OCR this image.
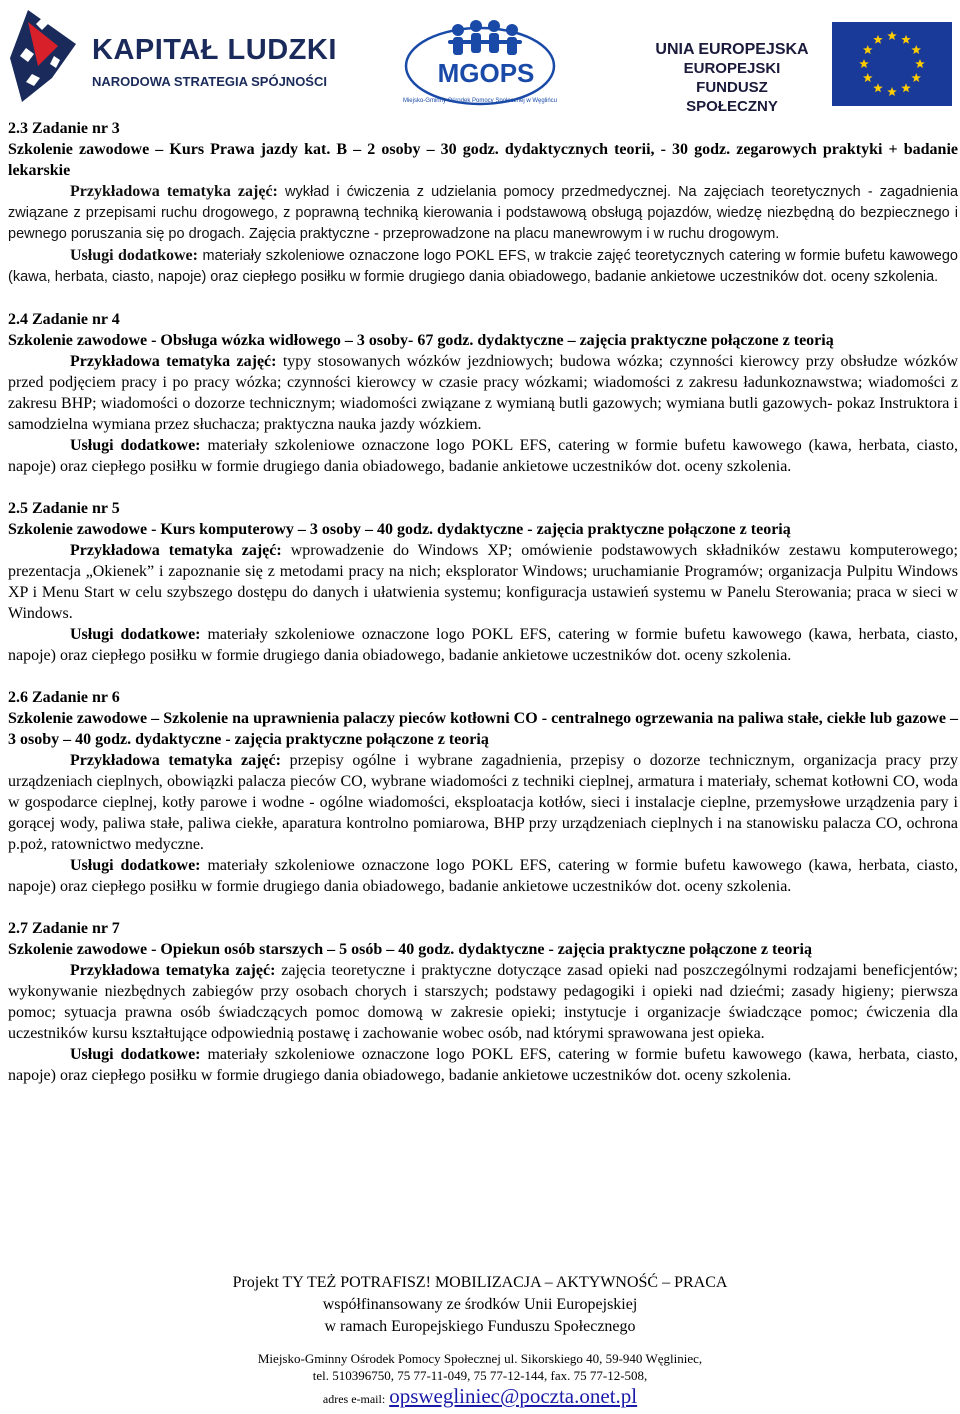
KAPITAŁ LUDZKI
NARODOWA STRATEGIA SPÓJNOŚCI	MGOPS
Miejsko-Gminny Ośrodek Pomocy Społecznej w Węglińcu
UNIA EUROPEJSKA
EUROPEJSKI
FUNDUSZ SPOŁECZNY

2.3 Zadanie nr 3

Szkolenie zawodowe – Kurs Prawa jazdy kat. B – 2 osoby – 30 godz. dydaktycznych teorii, - 30 godz. zegarowych praktyki + badanie lekarskie

Przykładowa tematyka zajęć: wykład i ćwiczenia z udzielania pomocy przedmedycznej. Na zajęciach teoretycznych - zagadnienia związane z przepisami ruchu drogowego, z poprawną techniką kierowania i podstawową obsługą pojazdów, wiedzę niezbędną do bezpiecznego i pewnego poruszania się po drogach. Zajęcia praktyczne - przeprowadzone na placu manewrowym i w ruchu drogowym.

Usługi dodatkowe: materiały szkoleniowe oznaczone logo POKL EFS, w trakcie zajęć teoretycznych catering w formie bufetu kawowego (kawa, herbata, ciasto, napoje) oraz ciepłego posiłku w formie drugiego dania obiadowego, badanie ankietowe uczestników dot. oceny szkolenia.

2.4 Zadanie nr 4

Szkolenie zawodowe - Obsługa wózka widłowego – 3 osoby- 67 godz. dydaktyczne – zajęcia praktyczne połączone z teorią

Przykładowa tematyka zajęć: typy stosowanych wózków jezdniowych; budowa wózka; czynności kierowcy przy obsłudze wózków przed podjęciem pracy i po pracy wózka; czynności kierowcy w czasie pracy wózkami; wiadomości z zakresu ładunkoznawstwa; wiadomości z zakresu BHP; wiadomości o dozorze technicznym; wiadomości związane z wymianą butli gazowych; wymiana butli gazowych- pokaz Instruktora i samodzielna wymiana przez słuchacza; praktyczna nauka jazdy wózkiem.

Usługi dodatkowe: materiały szkoleniowe oznaczone logo POKL EFS, catering w formie bufetu kawowego (kawa, herbata, ciasto, napoje) oraz ciepłego posiłku w formie drugiego dania obiadowego, badanie ankietowe uczestników dot. oceny szkolenia.

2.5 Zadanie nr 5

Szkolenie zawodowe - Kurs komputerowy – 3 osoby – 40 godz. dydaktyczne - zajęcia praktyczne połączone z teorią

Przykładowa tematyka zajęć: wprowadzenie do Windows XP; omówienie podstawowych składników zestawu komputerowego; prezentacja „Okienek” i zapoznanie się z metodami pracy na nich; eksplorator Windows; uruchamianie Programów; organizacja Pulpitu Windows XP i Menu Start w celu szybszego dostępu do danych i ułatwienia systemu; konfiguracja ustawień systemu w Panelu Sterowania; praca w sieci w Windows.

Usługi dodatkowe: materiały szkoleniowe oznaczone logo POKL EFS, catering w formie bufetu kawowego (kawa, herbata, ciasto, napoje) oraz ciepłego posiłku w formie drugiego dania obiadowego, badanie ankietowe uczestników dot. oceny szkolenia.

2.6 Zadanie nr 6

Szkolenie zawodowe – Szkolenie na uprawnienia palaczy pieców kotłowni CO - centralnego ogrzewania na paliwa stałe, ciekłe lub gazowe – 3 osoby – 40 godz. dydaktyczne - zajęcia praktyczne połączone z teorią

Przykładowa tematyka zajęć: przepisy ogólne i wybrane zagadnienia, przepisy o dozorze technicznym, organizacja pracy przy urządzeniach cieplnych, obowiązki palacza pieców CO, wybrane wiadomości z techniki cieplnej, armatura i materiały, schemat kotłowni CO, woda w gospodarce cieplnej, kotły parowe i wodne - ogólne wiadomości, eksploatacja kotłów, sieci i instalacje cieplne, przemysłowe urządzenia pary i gorącej wody, paliwa stałe, paliwa ciekłe, aparatura kontrolno pomiarowa, BHP przy urządzeniach cieplnych i na stanowisku palacza CO, ochrona p.poż, ratownictwo medyczne.

Usługi dodatkowe: materiały szkoleniowe oznaczone logo POKL EFS, catering w formie bufetu kawowego (kawa, herbata, ciasto, napoje) oraz ciepłego posiłku w formie drugiego dania obiadowego, badanie ankietowe uczestników dot. oceny szkolenia.

2.7 Zadanie nr 7

Szkolenie zawodowe - Opiekun osób starszych – 5 osób – 40 godz. dydaktyczne - zajęcia praktyczne połączone z teorią

Przykładowa tematyka zajęć: zajęcia teoretyczne i praktyczne dotyczące zasad opieki nad poszczególnymi rodzajami beneficjentów; wykonywanie niezbędnych zabiegów przy osobach chorych i starszych; podstawy pedagogiki i opieki nad dziećmi; zasady higieny; pierwsza pomoc; sytuacja prawna osób świadczących pomoc domową w zakresie opieki; instytucje i organizacje świadczące pomoc; ćwiczenia dla uczestników kursu kształtujące odpowiednią postawę i zachowanie wobec osób, nad którymi sprawowana jest opieka.

Usługi dodatkowe: materiały szkoleniowe oznaczone logo POKL EFS, catering w formie bufetu kawowego (kawa, herbata, ciasto, napoje) oraz ciepłego posiłku w formie drugiego dania obiadowego, badanie ankietowe uczestników dot. oceny szkolenia.

Projekt TY TEŻ POTRAFISZ! MOBILIZACJA – AKTYWNOŚĆ – PRACA
współfinansowany ze środków Unii Europejskiej
w ramach Europejskiego Funduszu Społecznego
Miejsko-Gminny Ośrodek Pomocy Społecznej ul. Sikorskiego 40, 59-940 Węgliniec,
tel. 510396750, 75 77-11-049, 75 77-12-144, fax. 75 77-12-508,
adres e-mail: opswegliniec@poczta.onet.pl
